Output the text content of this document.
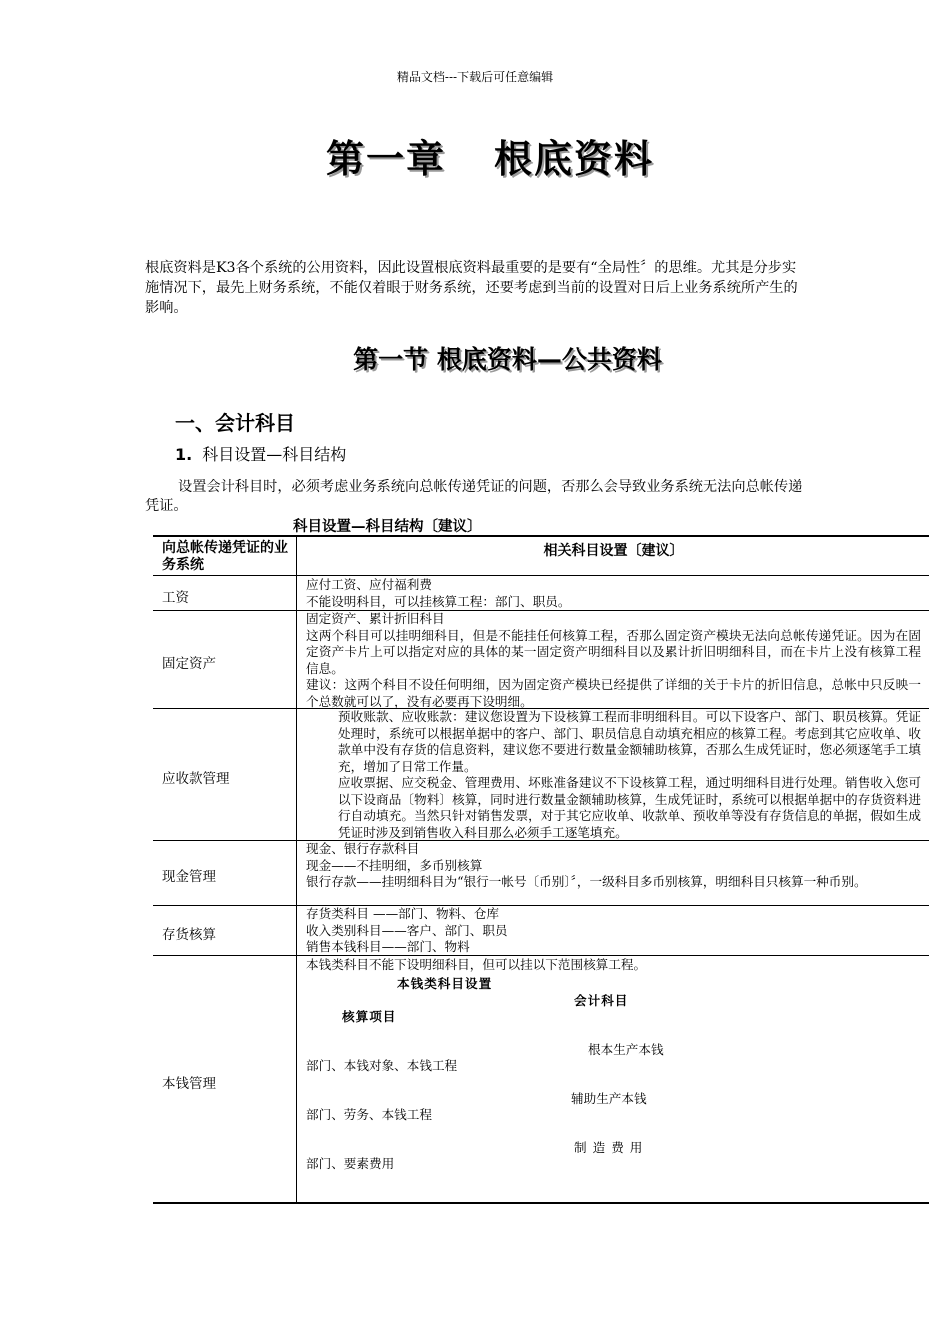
精品文档---下载后可任意编辑
第一章 根底资料
根底资料是K3各个系统的公用资料，因此设置根底资料最重要的是要有“全局性〞的思维。尤其是分步实施情况下，最先上财务系统，不能仅着眼于财务系统，还要考虑到当前的设置对日后上业务系统所产生的影响。
第一节 根底资料—公共资料
一、会计科目
1. 科目设置—科目结构
设置会计科目时，必须考虑业务系统向总帐传递凭证的问题，否那么会导致业务系统无法向总帐传递凭证。
科目设置—科目结构〔建议〕
向总帐传递凭证的业务系统
相关科目设置〔建议〕
工资
应付工资、应付福利费
不能设明科目，可以挂核算工程：部门、职员。
固定资产
固定资产、累计折旧科目
这两个科目可以挂明细科目，但是不能挂任何核算工程，否那么固定资产模块无法向总帐传递凭证。因为在固定资产卡片上可以指定对应的具体的某一固定资产明细科目以及累计折旧明细科目，而在卡片上没有核算工程信息。
建议：这两个科目不设任何明细，因为固定资产模块已经提供了详细的关于卡片的折旧信息，总帐中只反映一个总数就可以了，没有必要再下设明细。
应收款管理
预收账款、应收账款：建议您设置为下设核算工程而非明细科目。可以下设客户、部门、职员核算。凭证处理时，系统可以根据单据中的客户、部门、职员信息自动填充相应的核算工程。考虑到其它应收单、收款单中没有存货的信息资料，建议您不要进行数量金额辅助核算，否那么生成凭证时，您必须逐笔手工填充，增加了日常工作量。
应收票据、应交税金、管理费用、坏账准备建议不下设核算工程，通过明细科目进行处理。销售收入您可以下设商品〔物料〕核算，同时进行数量金额辅助核算，生成凭证时，系统可以根据单据中的存货资料进行自动填充。当然只针对销售发票，对于其它应收单、收款单、预收单等没有存货信息的单据，假如生成凭证时涉及到销售收入科目那么必须手工逐笔填充。
现金管理
现金、银行存款科目
现金——不挂明细，多币别核算
银行存款——挂明细科目为“银行一帐号〔币别〕〞，一级科目多币别核算，明细科目只核算一种币别。
存货核算
存货类科目 ——部门、物料、仓库
收入类别科目——客户、部门、职员
销售本钱科目——部门、物料
本钱管理
本钱类科目不能下设明细科目，但可以挂以下范围核算工程。
本钱类科目设置
会计科目
核算项目
根本生产本钱
部门、本钱对象、本钱工程
辅助生产本钱
部门、劳务、本钱工程
制造费用
部门、要素费用
